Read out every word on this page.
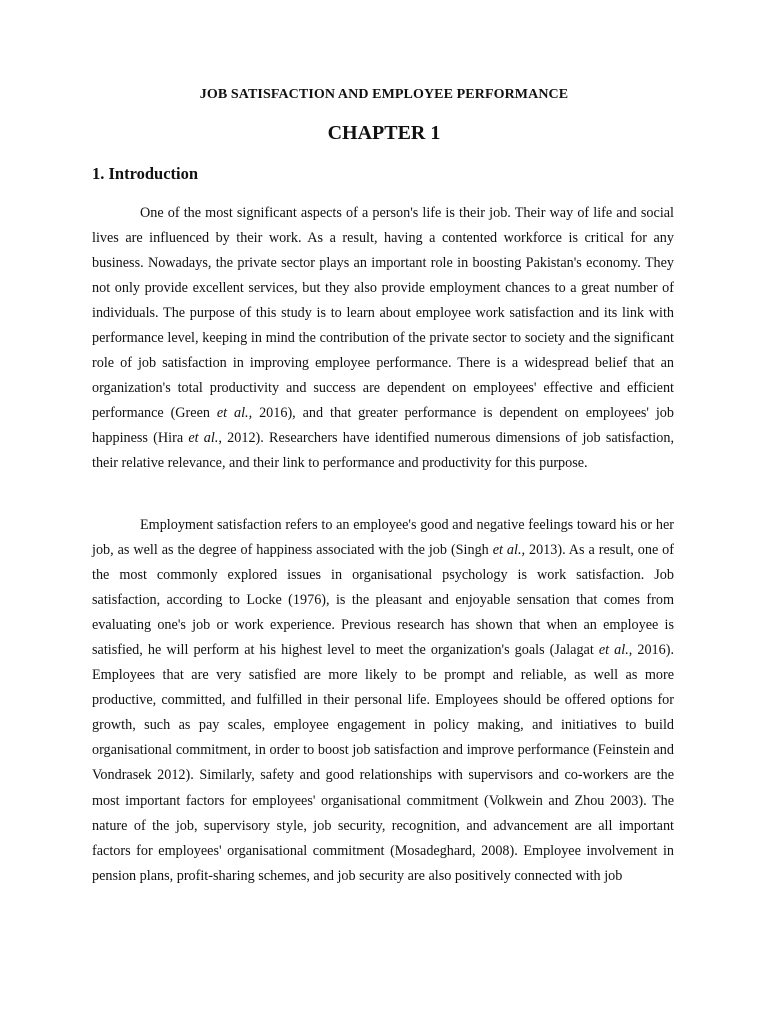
JOB SATISFACTION AND EMPLOYEE PERFORMANCE
CHAPTER 1
1. Introduction

One of the most significant aspects of a person's life is their job. Their way of life and social lives are influenced by their work. As a result, having a contented workforce is critical for any business. Nowadays, the private sector plays an important role in boosting Pakistan's economy. They not only provide excellent services, but they also provide employment chances to a great number of individuals. The purpose of this study is to learn about employee work satisfaction and its link with performance level, keeping in mind the contribution of the private sector to society and the significant role of job satisfaction in improving employee performance. There is a widespread belief that an organization's total productivity and success are dependent on employees' effective and efficient performance (Green et al., 2016), and that greater performance is dependent on employees' job happiness (Hira et al., 2012). Researchers have identified numerous dimensions of job satisfaction, their relative relevance, and their link to performance and productivity for this purpose.

Employment satisfaction refers to an employee's good and negative feelings toward his or her job, as well as the degree of happiness associated with the job (Singh et al., 2013). As a result, one of the most commonly explored issues in organisational psychology is work satisfaction. Job satisfaction, according to Locke (1976), is the pleasant and enjoyable sensation that comes from evaluating one's job or work experience. Previous research has shown that when an employee is satisfied, he will perform at his highest level to meet the organization's goals (Jalagat et al., 2016). Employees that are very satisfied are more likely to be prompt and reliable, as well as more productive, committed, and fulfilled in their personal life. Employees should be offered options for growth, such as pay scales, employee engagement in policy making, and initiatives to build organisational commitment, in order to boost job satisfaction and improve performance (Feinstein and Vondrasek 2012). Similarly, safety and good relationships with supervisors and co-workers are the most important factors for employees' organisational commitment (Volkwein and Zhou 2003). The nature of the job, supervisory style, job security, recognition, and advancement are all important factors for employees' organisational commitment (Mosadeghard, 2008). Employee involvement in pension plans, profit-sharing schemes, and job security are also positively connected with job
